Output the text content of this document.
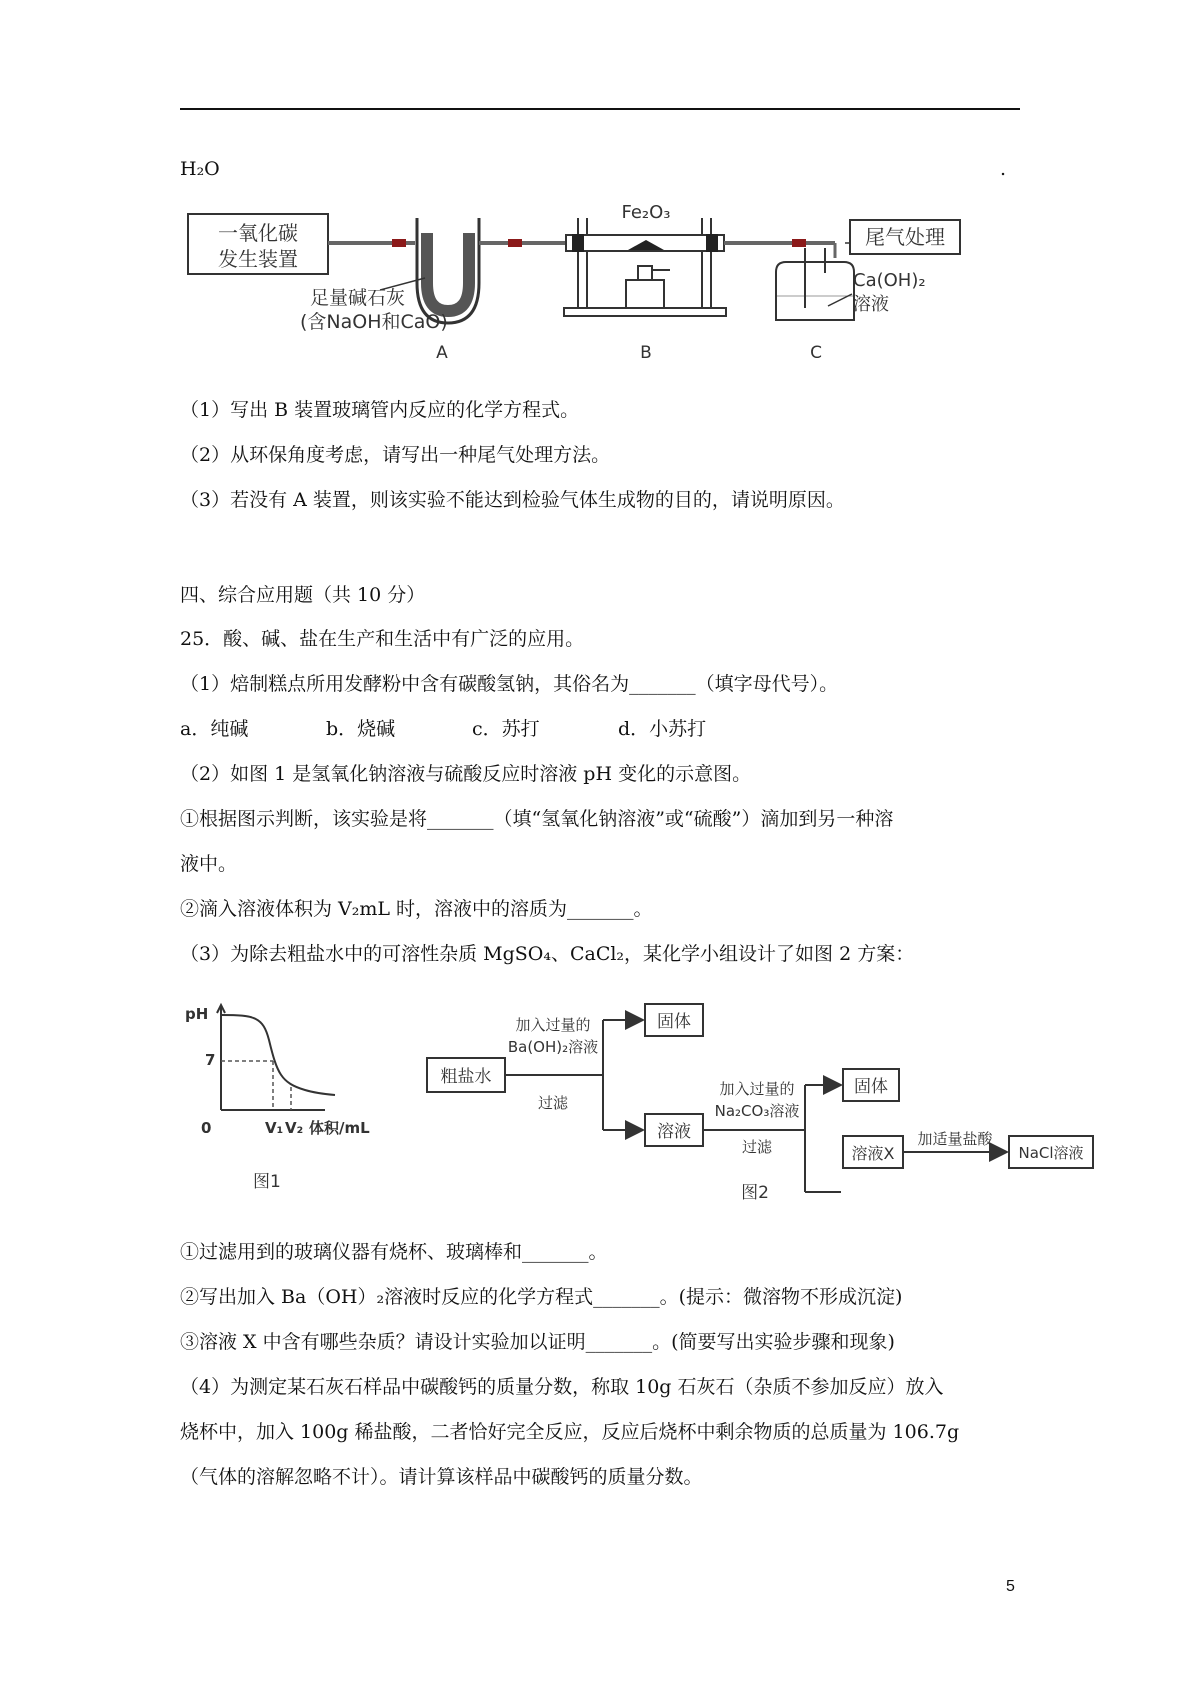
H₂O	.
一氧化碳
发生装置
足量碱石灰
(含NaOH和CaO)
A
Fe₂O₃
B
尾气处理
Ca(OH)₂
溶液
C
（1）写出 B 装置玻璃管内反应的化学方程式。
（2）从环保角度考虑，请写出一种尾气处理方法。
（3）若没有 A 装置，则该实验不能达到检验气体生成物的目的，请说明原因。
四、综合应用题（共 10 分）
25．酸、碱、盐在生产和生活中有广泛的应用。
（1）焙制糕点所用发酵粉中含有碳酸氢钠，其俗名为_______（填字母代号）。
a．纯碱	b．烧碱	c．苏打	d．小苏打
（2）如图 1 是氢氧化钠溶液与硫酸反应时溶液 pH 变化的示意图。
①根据图示判断，该实验是将_______（填“氢氧化钠溶液”或“硫酸”）滴加到另一种溶
液中。
②滴入溶液体积为 V₂mL 时，溶液中的溶质为_______。
（3）为除去粗盐水中的可溶性杂质 MgSO₄、CaCl₂，某化学小组设计了如图 2 方案：
pH
7
0	V₁ V₂ 体积/mL
图1
粗盐水
加入过量的
Ba(OH)₂溶液
过滤
固体
溶液
加入过量的
Na₂CO₃溶液
过滤
固体
溶液X
加适量盐酸
NaCl溶液
图2
①过滤用到的玻璃仪器有烧杯、玻璃棒和_______。
②写出加入 Ba（OH）₂溶液时反应的化学方程式_______。(提示：微溶物不形成沉淀)
③溶液 X 中含有哪些杂质？请设计实验加以证明_______。(简要写出实验步骤和现象)
（4）为测定某石灰石样品中碳酸钙的质量分数，称取 10g 石灰石（杂质不参加反应）放入
烧杯中，加入 100g 稀盐酸，二者恰好完全反应，反应后烧杯中剩余物质的总质量为 106.7g
（气体的溶解忽略不计）。请计算该样品中碳酸钙的质量分数。
5
